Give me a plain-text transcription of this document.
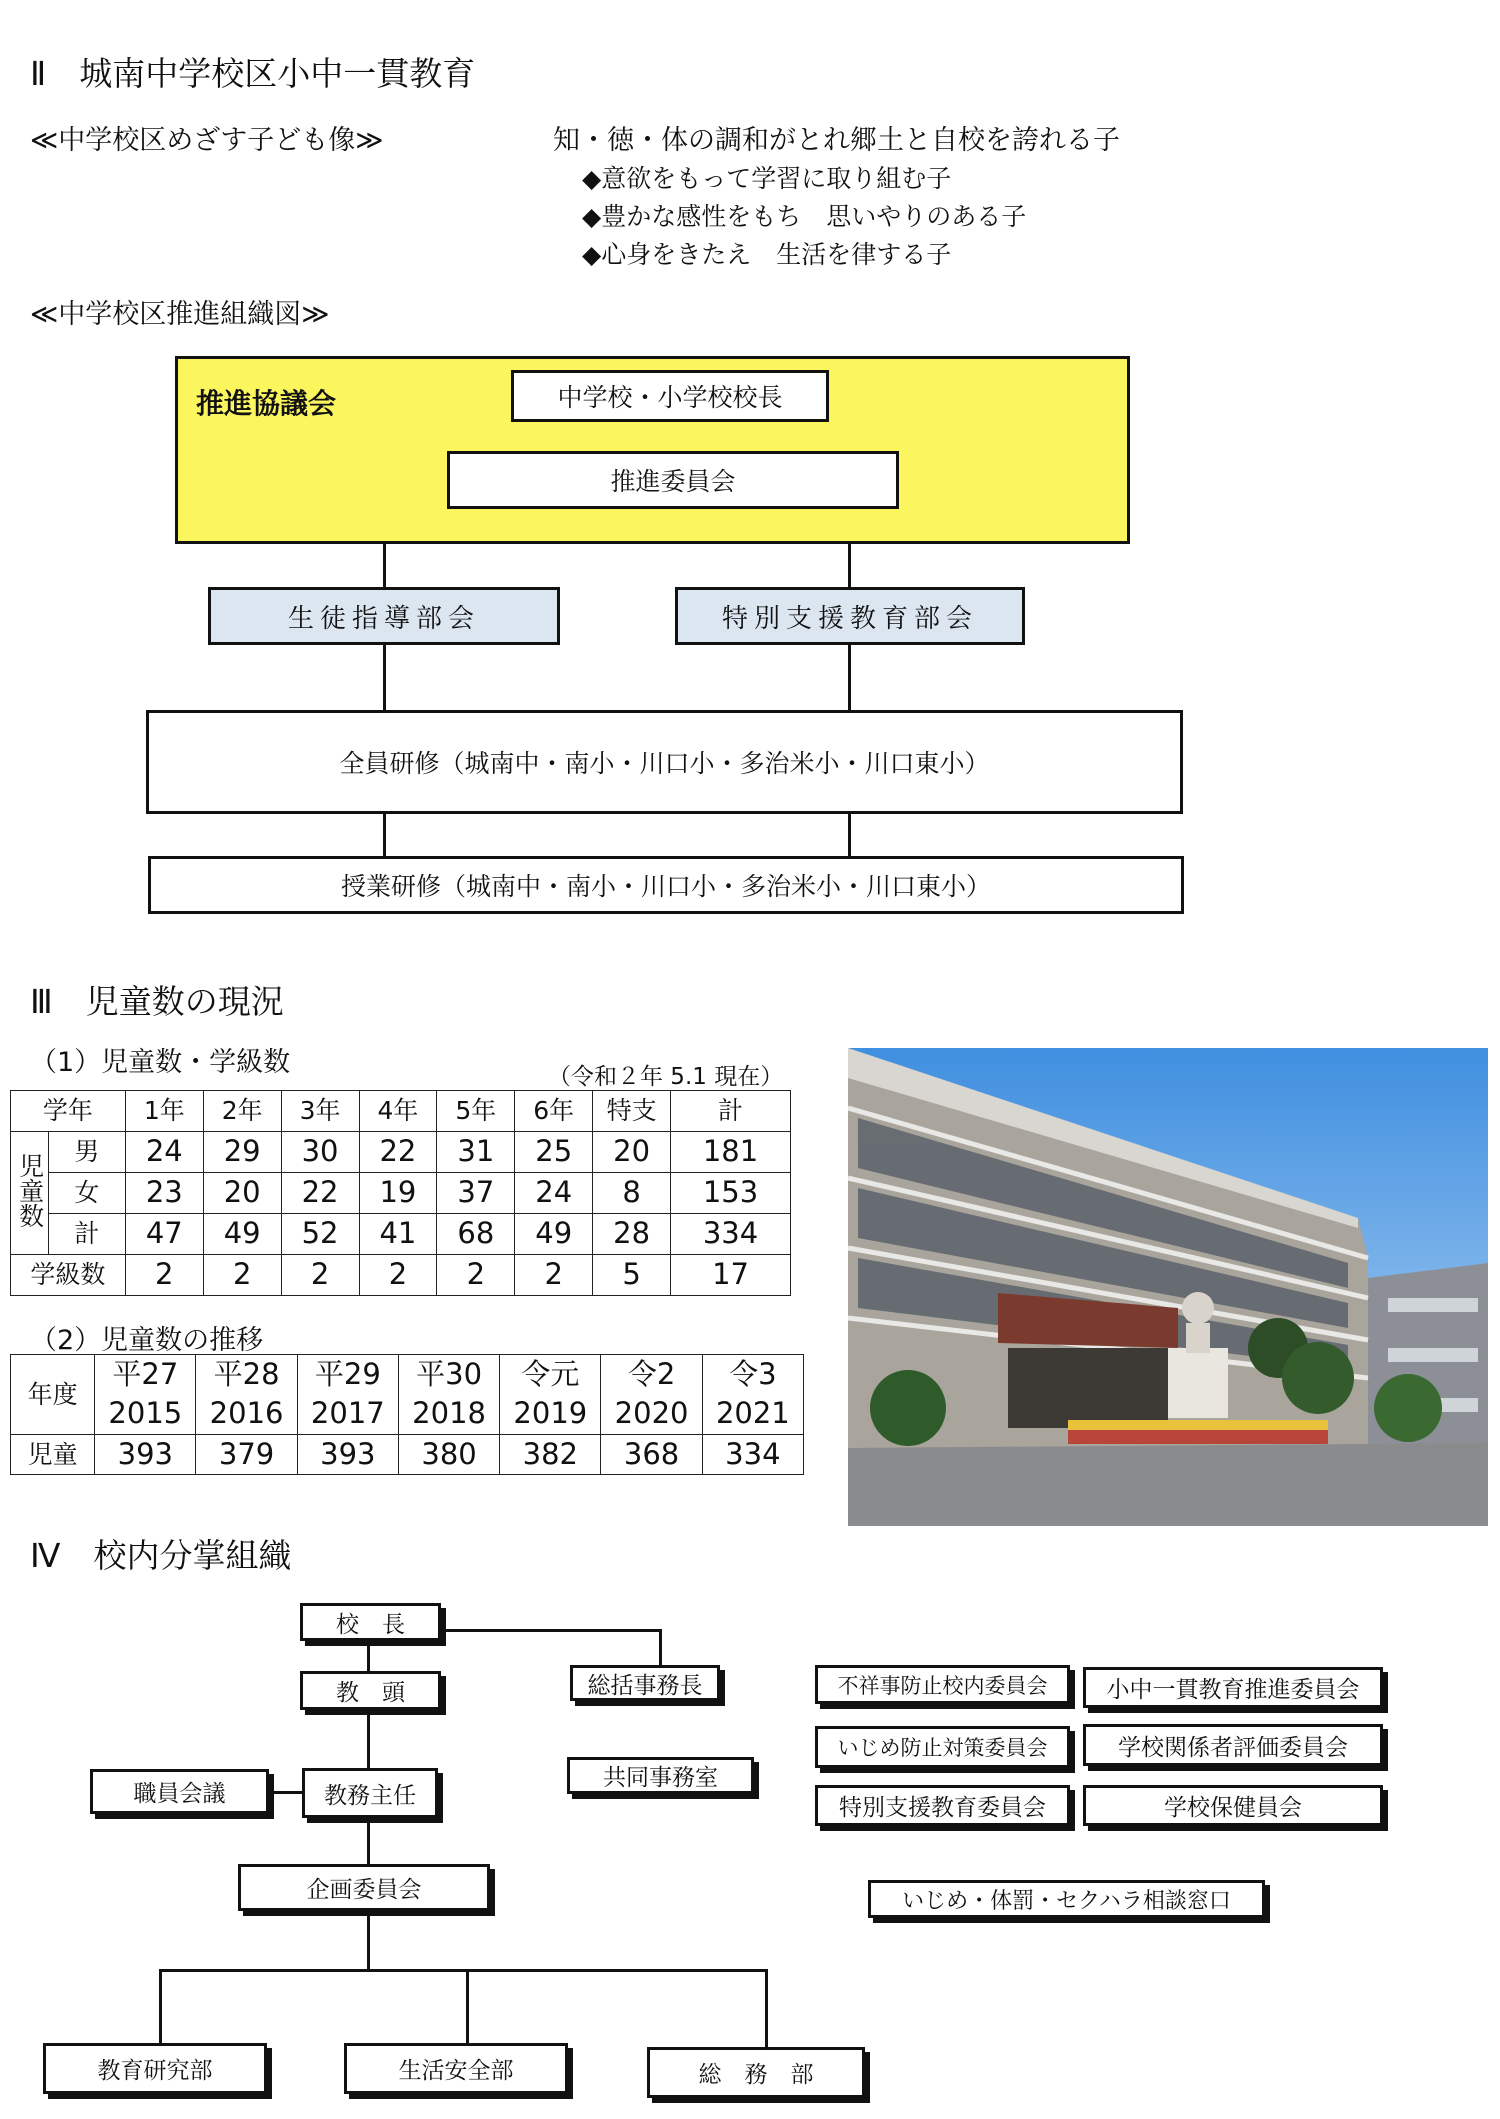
Ⅱ　城南中学校区小中一貫教育
≪中学校区めざす子ども像≫	知・徳・体の調和がとれ郷土と自校を誇れる子
◆意欲をもって学習に取り組む子
◆豊かな感性をもち　思いやりのある子
◆心身をきたえ　生活を律する子
≪中学校区推進組織図≫
推進協議会	中学校・小学校校長
推進委員会
生徒指導部会	特別支援教育部会
全員研修（城南中・南小・川口小・多治米小・川口東小）
授業研修（城南中・南小・川口小・多治米小・川口東小）
Ⅲ　児童数の現況
（1）児童数・学級数	（令和２年 5.1 現在）
学年		1年	2年	3年	4年	5年	6年	特支	計
児童数	男	24	29	30	22	31	25	20	181
	女	23	20	22	19	37	24	8	153
	計	47	49	52	41	68	49	28	334
学級数		2	2	2	2	2	2	5	17
（2）児童数の推移
年度	平27	平28	平29	平30	令元	令2	令3
	2015	2016	2017	2018	2019	2020	2021
児童	393	379	393	380	382	368	334
Ⅳ　校内分掌組織
校　長
教　頭	総括事務長
共同事務室
職員会議	教務主任
企画委員会
教育研究部	生活安全部	総　務　部
不祥事防止校内委員会	小中一貫教育推進委員会
いじめ防止対策委員会	学校関係者評価委員会
特別支援教育委員会	学校保健員会
いじめ・体罰・セクハラ相談窓口
